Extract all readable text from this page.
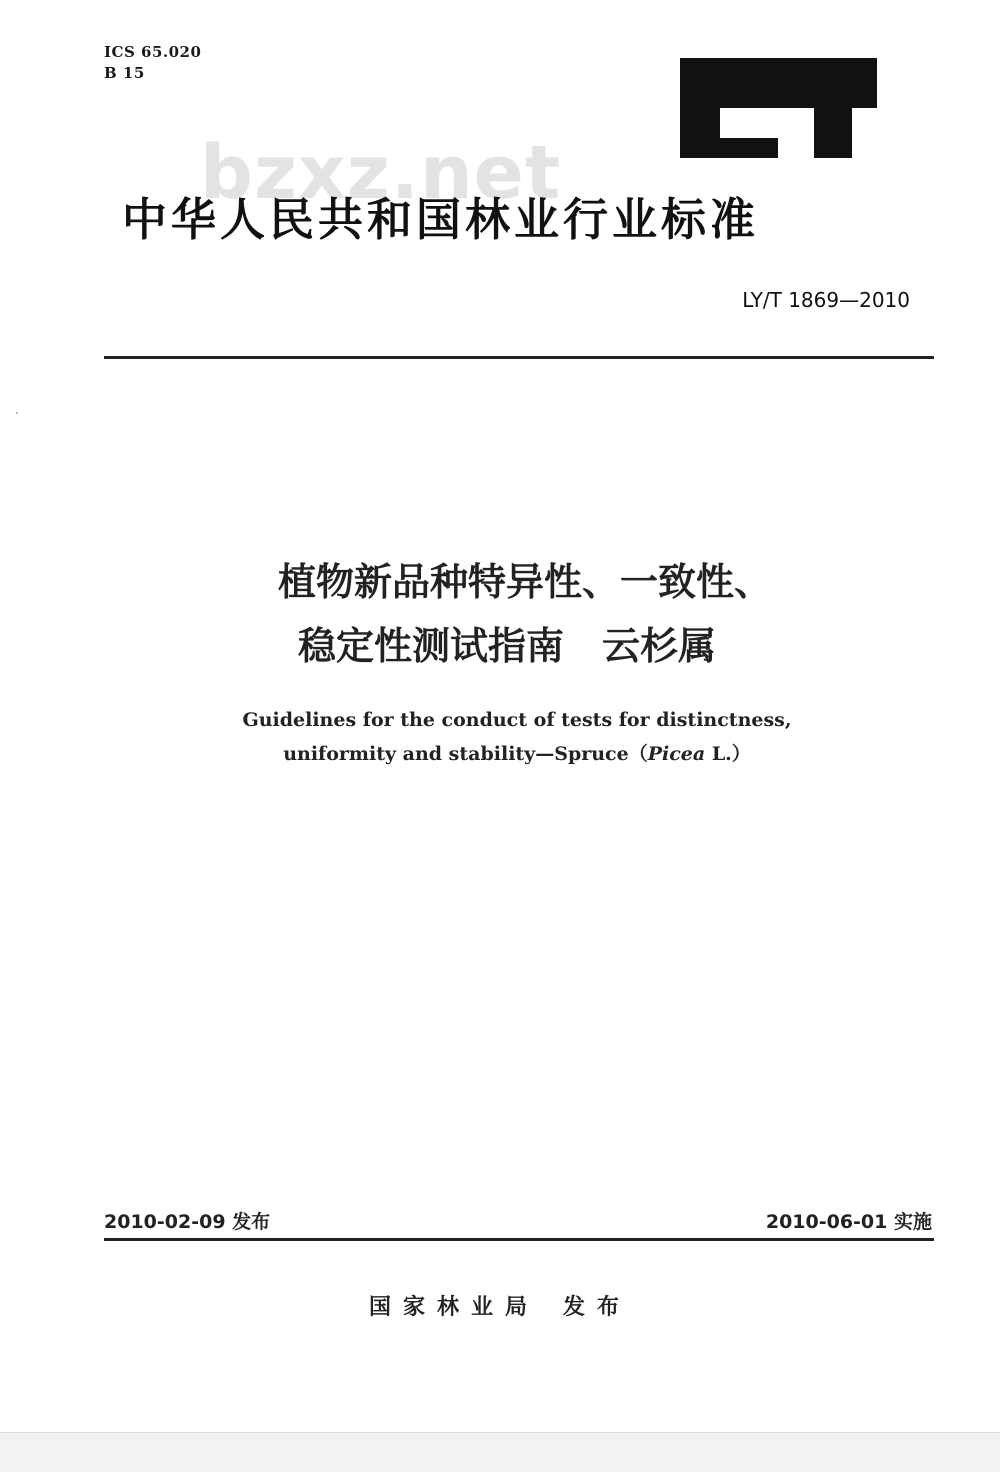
ICS 65.020
B 15
bzxz.net
中华人民共和国林业行业标准
LY/T 1869—2010
植物新品种特异性、一致性、
稳定性测试指南　云杉属
Guidelines for the conduct of tests for distinctness,
uniformity and stability—Spruce（Picea L.）
2010-02-09 发布	2010-06-01 实施
国家林业局 发布
